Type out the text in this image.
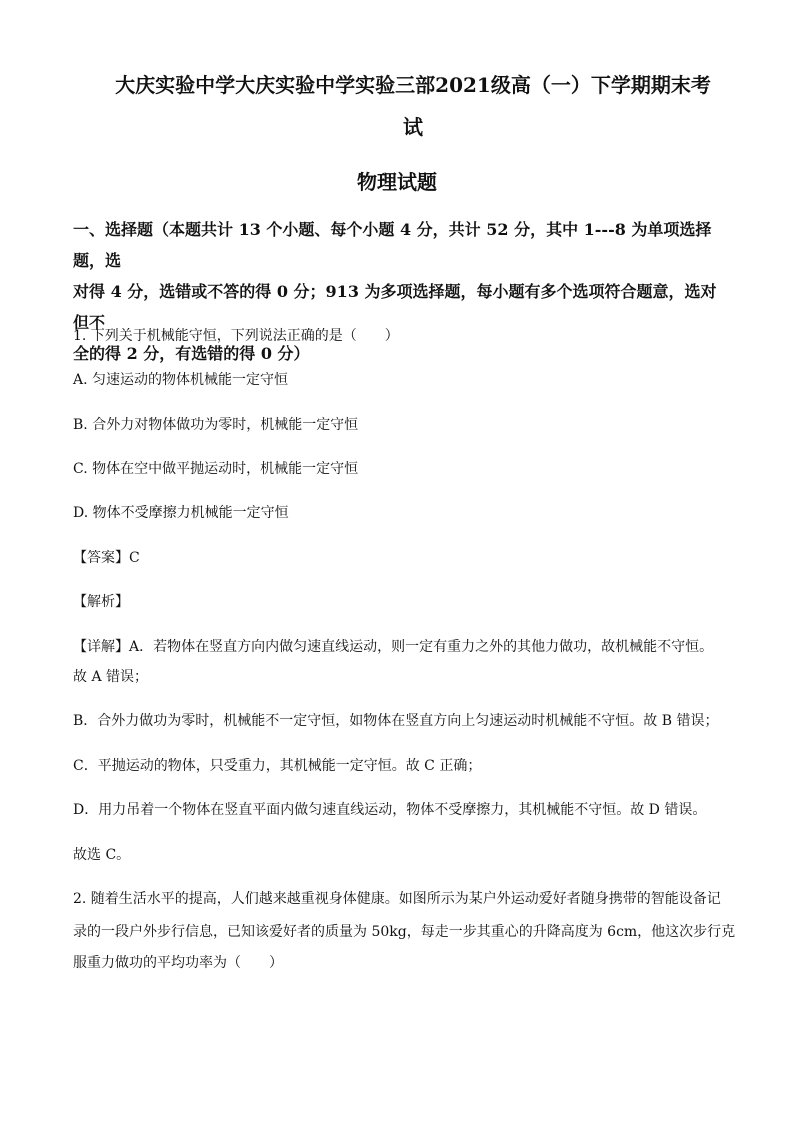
大庆实验中学大庆实验中学实验三部2021级高（一）下学期期末考
试
物理试题
一、选择题（本题共计 13 个小题、每个小题 4 分，共计 52 分，其中 1---8 为单项选择题，选
对得 4 分，选错或不答的得 0 分；913 为多项选择题，每小题有多个选项符合题意，选对但不
全的得 2 分，有选错的得 0 分）
1. 下列关于机械能守恒，下列说法正确的是（　　）
A. 匀速运动的物体机械能一定守恒
B. 合外力对物体做功为零时，机械能一定守恒
C. 物体在空中做平抛运动时，机械能一定守恒
D. 物体不受摩擦力机械能一定守恒
【答案】C
【解析】
【详解】A．若物体在竖直方向内做匀速直线运动，则一定有重力之外的其他力做功，故机械能不守恒。
故 A 错误；
B．合外力做功为零时，机械能不一定守恒，如物体在竖直方向上匀速运动时机械能不守恒。故 B 错误；
C．平抛运动的物体，只受重力，其机械能一定守恒。故 C 正确；
D．用力吊着一个物体在竖直平面内做匀速直线运动，物体不受摩擦力，其机械能不守恒。故 D 错误。
故选 C。
2. 随着生活水平的提高，人们越来越重视身体健康。如图所示为某户外运动爱好者随身携带的智能设备记
录的一段户外步行信息，已知该爱好者的质量为 50kg，每走一步其重心的升降高度为 6cm，他这次步行克
服重力做功的平均功率为（　　）
